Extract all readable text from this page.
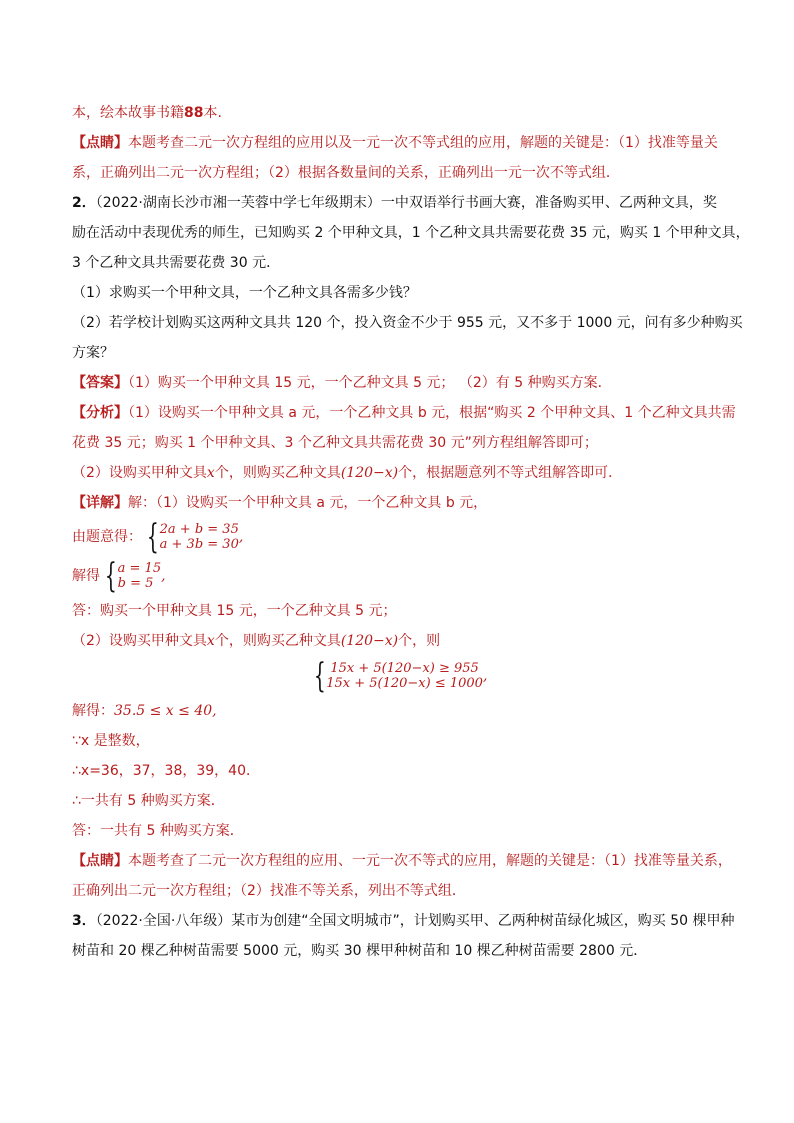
本，绘本故事书籍88本.
【点睛】本题考查二元一次方程组的应用以及一元一次不等式组的应用，解题的关键是：（1）找准等量关
系，正确列出二元一次方程组；（2）根据各数量间的关系，正确列出一元一次不等式组．
2．（2022·湖南长沙市湘一芙蓉中学七年级期末）一中双语举行书画大赛，准备购买甲、乙两种文具，奖
励在活动中表现优秀的师生，已知购买 2 个甲种文具，1 个乙种文具共需要花费 35 元，购买 1 个甲种文具，
3 个乙种文具共需要花费 30 元．
（1）求购买一个甲种文具，一个乙种文具各需多少钱？
（2）若学校计划购买这两种文具共 120 个，投入资金不少于 955 元，又不多于 1000 元，问有多少种购买
方案？
【答案】（1）购买一个甲种文具 15 元，一个乙种文具 5 元； （2）有 5 种购买方案．
【分析】（1）设购买一个甲种文具 a 元，一个乙种文具 b 元，根据“购买 2 个甲种文具、1 个乙种文具共需
花费 35 元；购买 1 个甲种文具、3 个乙种文具共需花费 30 元”列方程组解答即可；
（2）设购买甲种文具x个，则购买乙种文具(120−x)个，根据题意列不等式组解答即可．
【详解】解：（1）设购买一个甲种文具 a 元，一个乙种文具 b 元，
由题意得： { 2a + b = 35
a + 3b = 30 ,
解得 { a = 15
b = 5 ,
答：购买一个甲种文具 15 元，一个乙种文具 5 元；
（2）设购买甲种文具x个，则购买乙种文具(120−x)个，则
{ 15x + 5(120−x) ≥ 955
15x + 5(120−x) ≤ 1000 ,
解得：35.5 ≤ x ≤ 40,
∵x 是整数，
∴x=36，37，38，39，40．
∴一共有 5 种购买方案．
答：一共有 5 种购买方案．
【点睛】本题考查了二元一次方程组的应用、一元一次不等式的应用，解题的关键是：（1）找准等量关系，
正确列出二元一次方程组；（2）找准不等关系，列出不等式组．
3．（2022·全国·八年级）某市为创建“全国文明城市”，计划购买甲、乙两种树苗绿化城区，购买 50 棵甲种
树苗和 20 棵乙种树苗需要 5000 元，购买 30 棵甲种树苗和 10 棵乙种树苗需要 2800 元．
